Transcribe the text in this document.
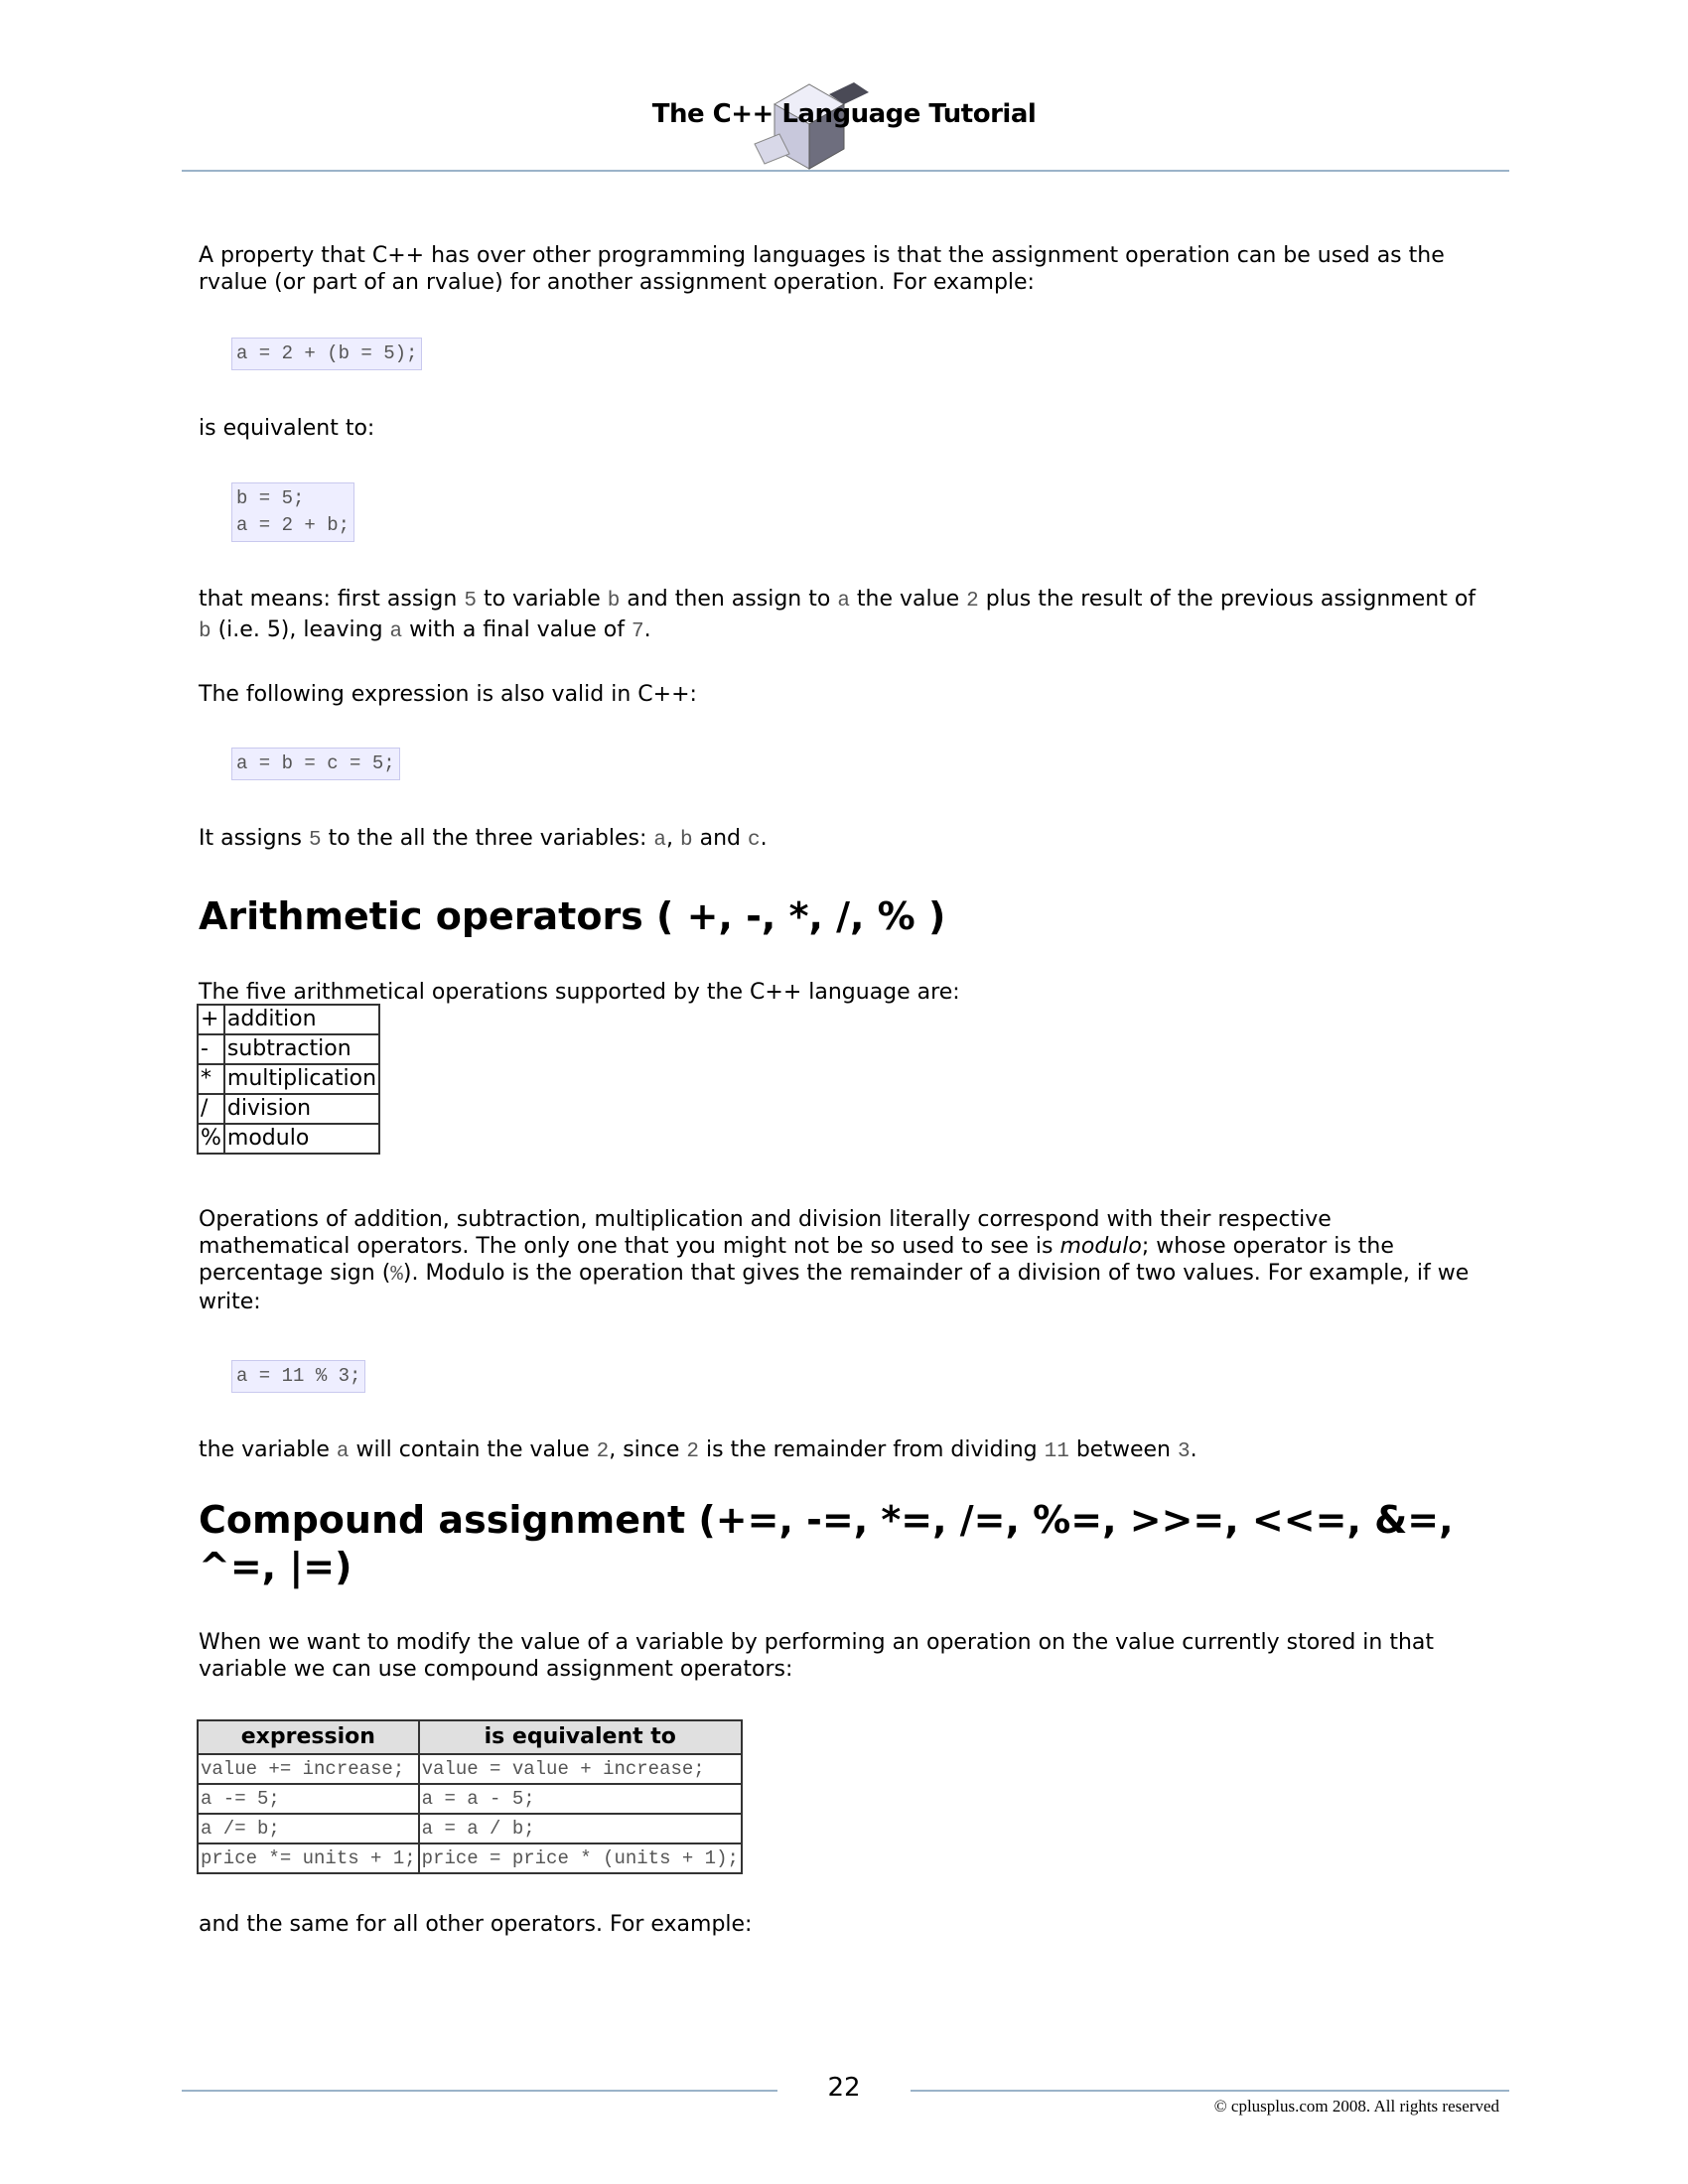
The C++ Language Tutorial

A property that C++ has over other programming languages is that the assignment operation can be used as the rvalue (or part of an rvalue) for another assignment operation. For example:

a = 2 + (b = 5);

is equivalent to:

b = 5;
a = 2 + b;

that means: first assign 5 to variable b and then assign to a the value 2 plus the result of the previous assignment of b (i.e. 5), leaving a with a final value of 7.

The following expression is also valid in C++:

a = b = c = 5;

It assigns 5 to the all the three variables: a, b and c.

Arithmetic operators ( +, -, *, /, % )

The five arithmetical operations supported by the C++ language are:

+	addition
-	subtraction
*	multiplication
/	division
%	modulo

Operations of addition, subtraction, multiplication and division literally correspond with their respective mathematical operators. The only one that you might not be so used to see is modulo; whose operator is the percentage sign (%). Modulo is the operation that gives the remainder of a division of two values. For example, if we write:

a = 11 % 3;

the variable a will contain the value 2, since 2 is the remainder from dividing 11 between 3.

Compound assignment (+=, -=, *=, /=, %=, >>=, <<=, &=, ^=, |=)

When we want to modify the value of a variable by performing an operation on the value currently stored in that variable we can use compound assignment operators:

expression	is equivalent to
value += increase;	value = value + increase;
a -= 5;	a = a - 5;
a /= b;	a = a / b;
price *= units + 1;	price = price * (units + 1);

and the same for all other operators. For example:

22
© cplusplus.com 2008. All rights reserved
